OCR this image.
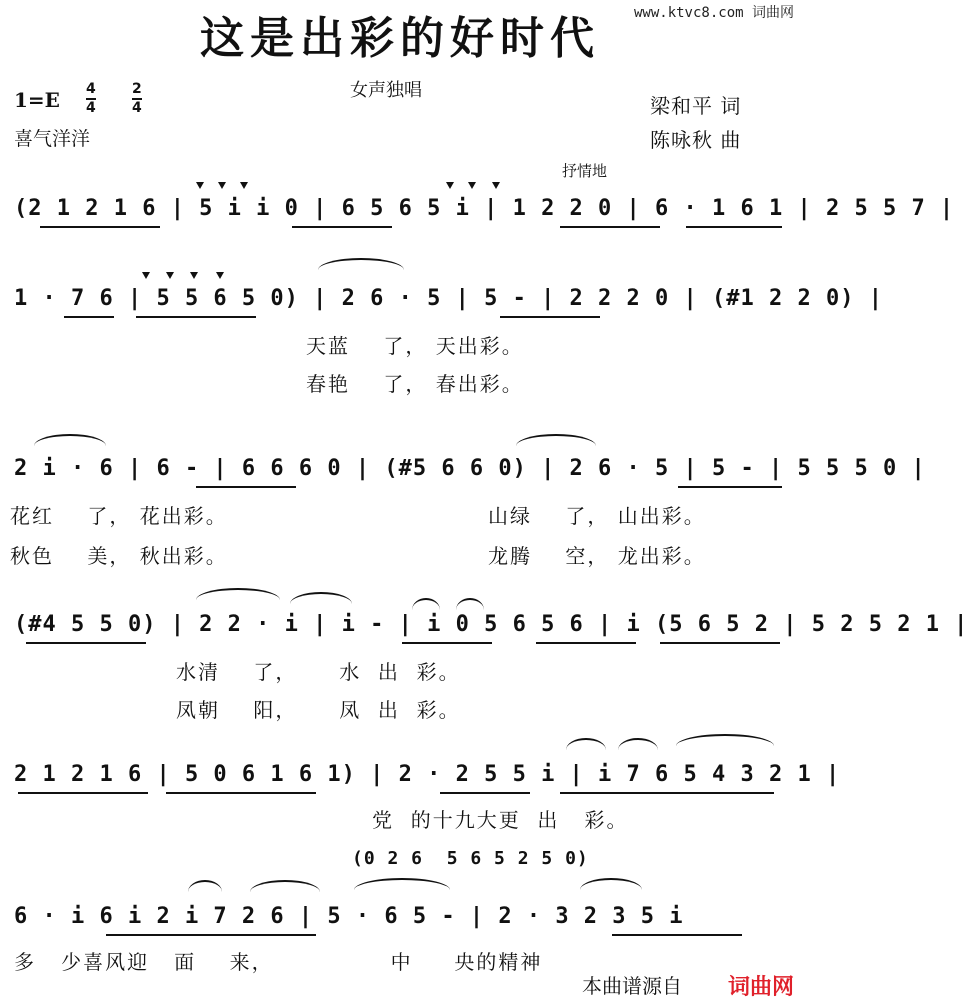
www.ktvc8.com 词曲网
这是出彩的好时代
1=E 4
4
2
4
喜气洋洋
女声独唱
梁和平 词
陈咏秋 曲
抒情地
(2 1 2 1 6 | 5 i i 0 | 6 5 6 5 i | 1 2 2 0 | 6 · 1 6 1 | 2 5 5 7 |
1 · 7 6 | 5 5 6 5 0) | 2 6 · 5 | 5 - | 2 2 2 0 | (#1 2 2 0) |
天蓝    了， 天出彩。
春艳    了， 春出彩。
2 i · 6 | 6 - | 6 6 6 0 | (#5 6 6 0) | 2 6 · 5 | 5 - | 5 5 5 0 |
花红    了， 花出彩。	山绿    了， 山出彩。
秋色    美， 秋出彩。	龙腾    空， 龙出彩。
(#4 5 5 0) | 2 2 · i | i - | i 0 5 6 5 6 | i (5 6 5 2 | 5 2 5 2 1 |
水清    了，     水  出  彩。
凤朝    阳，     凤  出  彩。
2 1 2 1 6 | 5 0 6 1 6 1) | 2 · 2 5 5 i | i 7 6 5 4 3 2 1 |
党  的十九大更  出   彩。
(0 2 6  5 6 5 2 5 0)
6 · i 6 i 2 i 7 2 6 | 5 · 6 5 - | 2 · 3 2 3 5 i
多   少喜风迎   面    来，              中     央的精神
本曲谱源自 词曲网
